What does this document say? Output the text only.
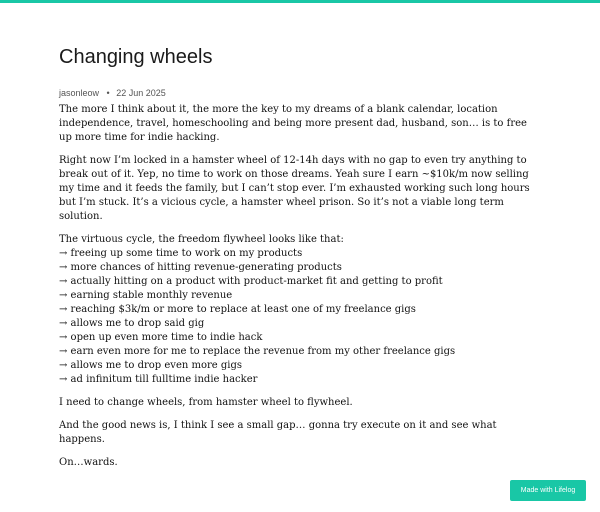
Changing wheels
jasonleow • 22 Jun 2025

The more I think about it, the more the key to my dreams of a blank calendar, location independence, travel, homeschooling and being more present dad, husband, son… is to free up more time for indie hacking.

Right now I’m locked in a hamster wheel of 12-14h days with no gap to even try anything to break out of it. Yep, no time to work on those dreams. Yeah sure I earn ~$10k/m now selling my time and it feeds the family, but I can’t stop ever. I’m exhausted working such long hours but I’m stuck. It’s a vicious cycle, a hamster wheel prison. So it’s not a viable long term solution.

The virtuous cycle, the freedom flywheel looks like that:
→ freeing up some time to work on my products
→ more chances of hitting revenue-generating products
→ actually hitting on a product with product-market fit and getting to profit
→ earning stable monthly revenue
→ reaching $3k/m or more to replace at least one of my freelance gigs
→ allows me to drop said gig
→ open up even more time to indie hack
→ earn even more for me to replace the revenue from my other freelance gigs
→ allows me to drop even more gigs
→ ad infinitum till fulltime indie hacker

I need to change wheels, from hamster wheel to flywheel.

And the good news is, I think I see a small gap… gonna try execute on it and see what happens.

On…wards.

Made with Lifelog
